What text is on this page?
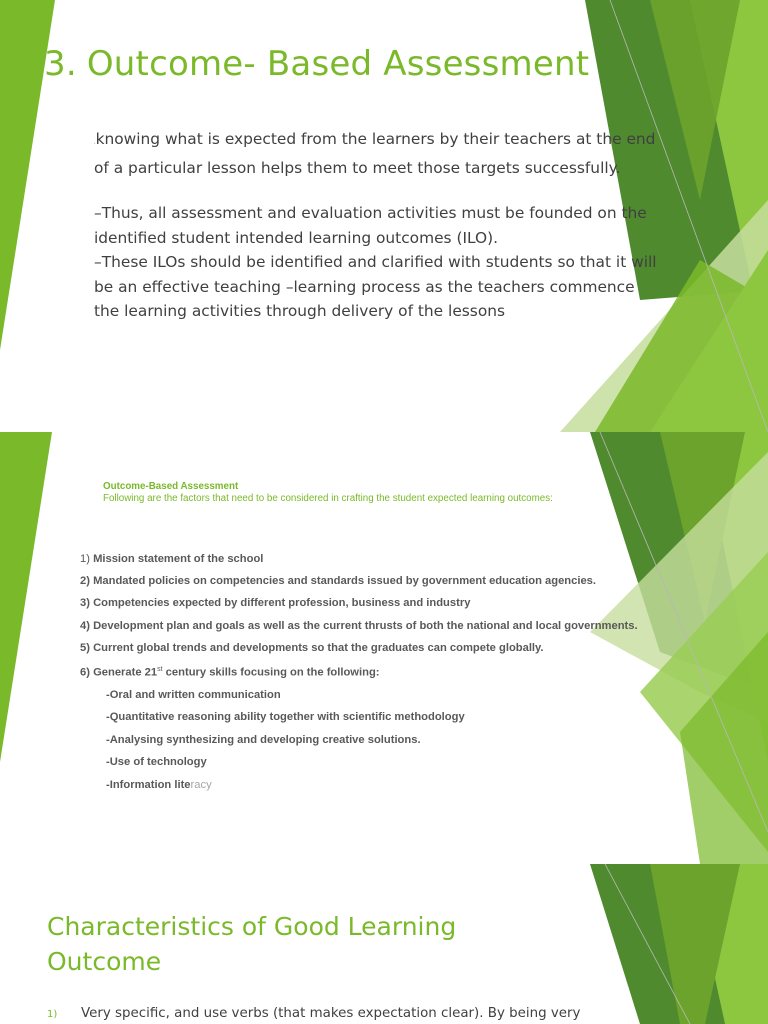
3. Outcome- Based Assessment
.knowing what is expected from the learners by their teachers at the end of a particular lesson helps them to meet those targets successfully.
–Thus, all assessment and evaluation activities must be founded on the identified student intended learning outcomes (ILO).
–These ILOs should be identified and clarified with students so that it will be an effective teaching –learning process as the teachers commence the learning activities through delivery of the lessons
Outcome-Based Assessment
Following are the factors that need to be considered in crafting the student expected learning outcomes:
1) Mission statement of the school
2) Mandated policies on competencies and standards issued by government education agencies.
3) Competencies expected by different profession, business and industry
4) Development plan and goals as well as the current thrusts of both the national and local governments.
5) Current global trends and developments so that the graduates can compete globally.
6) Generate 21st century skills focusing on the following:
-Oral and written communication
-Quantitative reasoning ability together with scientific methodology
-Analysing synthesizing and developing creative solutions.
-Use of technology
-Information literacy
Characteristics of Good Learning Outcome
1) Very specific, and use verbs (that makes expectation clear). By being very
